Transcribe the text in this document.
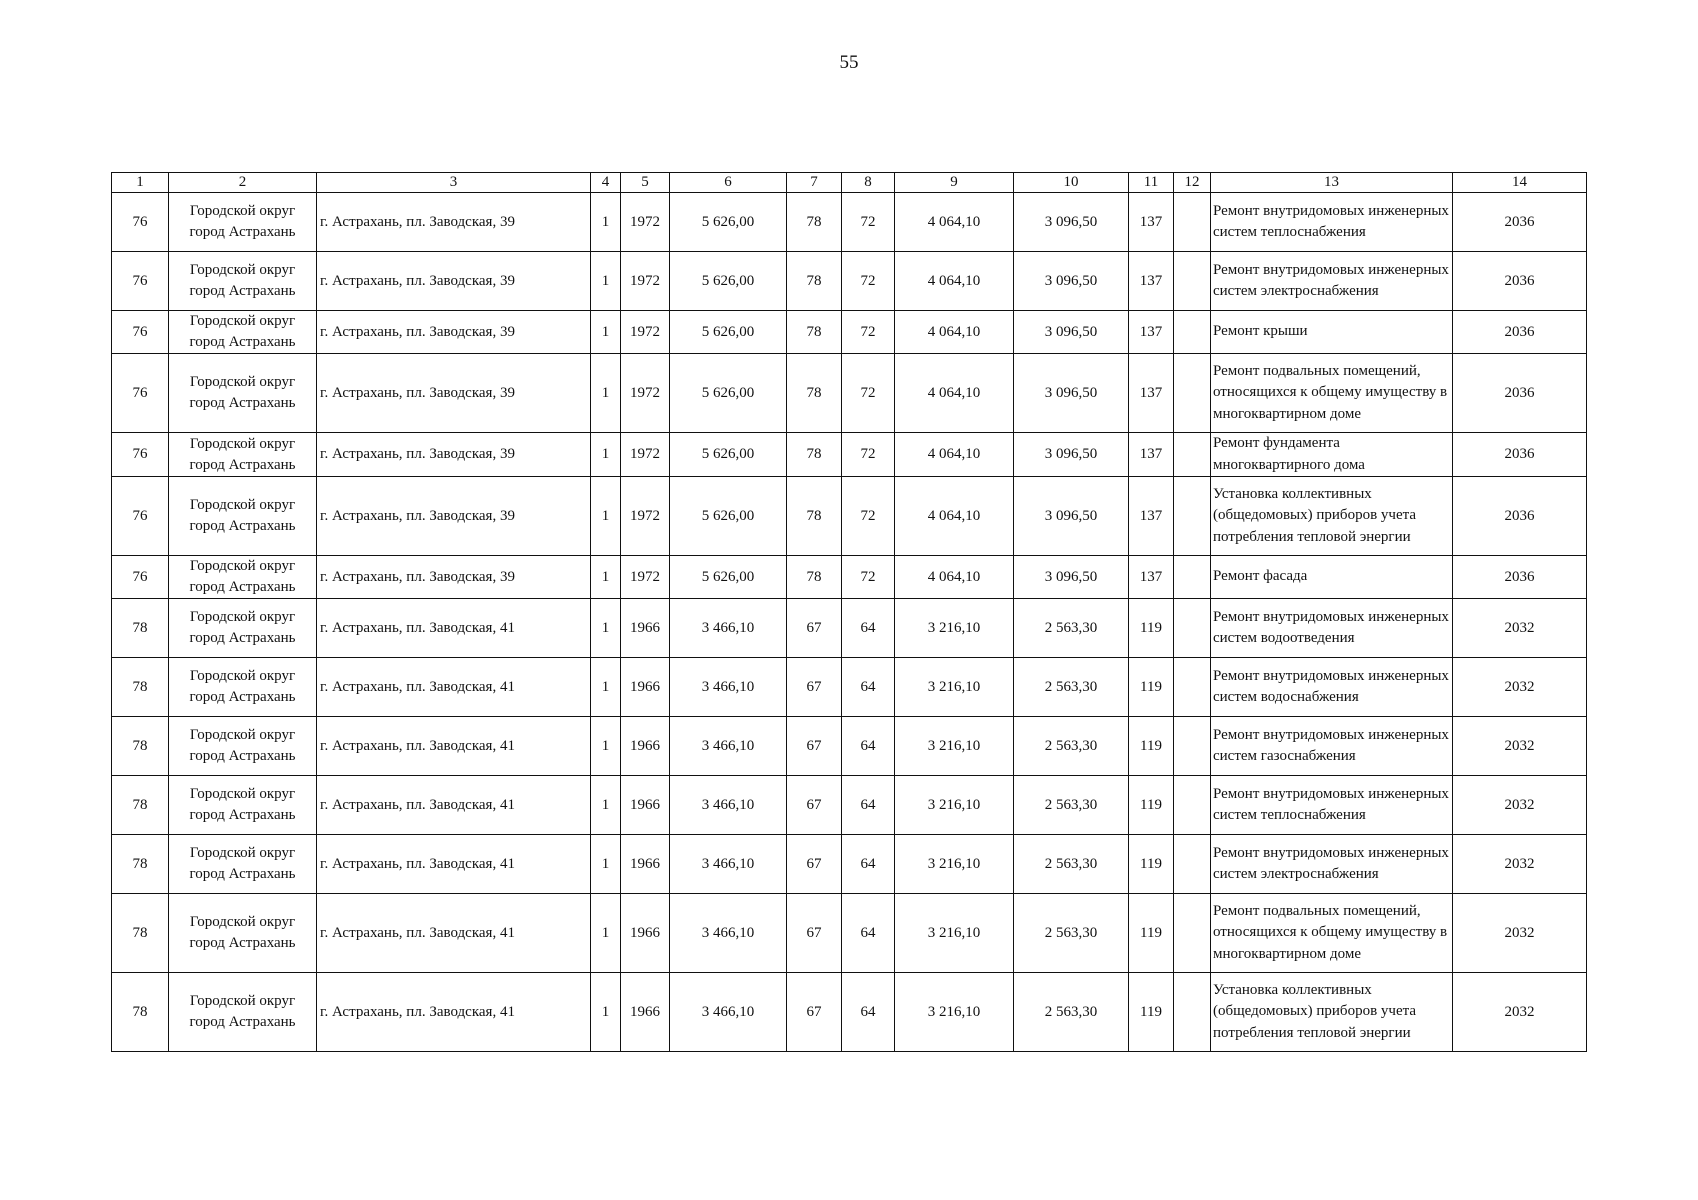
55
1	2	3	4	5	6	7	8	9	10	11	12	13	14
76	Городской округ город Астрахань	г. Астрахань, пл. Заводская, 39	1	1972	5 626,00	78	72	4 064,10	3 096,50	137		Ремонт внутридомовых инженерных систем теплоснабжения	2036
76	Городской округ город Астрахань	г. Астрахань, пл. Заводская, 39	1	1972	5 626,00	78	72	4 064,10	3 096,50	137		Ремонт внутридомовых инженерных систем электроснабжения	2036
76	Городской округ город Астрахань	г. Астрахань, пл. Заводская, 39	1	1972	5 626,00	78	72	4 064,10	3 096,50	137		Ремонт крыши	2036
76	Городской округ город Астрахань	г. Астрахань, пл. Заводская, 39	1	1972	5 626,00	78	72	4 064,10	3 096,50	137		Ремонт подвальных помещений, относящихся к общему имуществу в многоквартирном доме	2036
76	Городской округ город Астрахань	г. Астрахань, пл. Заводская, 39	1	1972	5 626,00	78	72	4 064,10	3 096,50	137		Ремонт фундамента многоквартирного дома	2036
76	Городской округ город Астрахань	г. Астрахань, пл. Заводская, 39	1	1972	5 626,00	78	72	4 064,10	3 096,50	137		Установка коллективных (общедомовых) приборов учета потребления тепловой энергии	2036
76	Городской округ город Астрахань	г. Астрахань, пл. Заводская, 39	1	1972	5 626,00	78	72	4 064,10	3 096,50	137		Ремонт фасада	2036
78	Городской округ город Астрахань	г. Астрахань, пл. Заводская, 41	1	1966	3 466,10	67	64	3 216,10	2 563,30	119		Ремонт внутридомовых инженерных систем водоотведения	2032
78	Городской округ город Астрахань	г. Астрахань, пл. Заводская, 41	1	1966	3 466,10	67	64	3 216,10	2 563,30	119		Ремонт внутридомовых инженерных систем водоснабжения	2032
78	Городской округ город Астрахань	г. Астрахань, пл. Заводская, 41	1	1966	3 466,10	67	64	3 216,10	2 563,30	119		Ремонт внутридомовых инженерных систем газоснабжения	2032
78	Городской округ город Астрахань	г. Астрахань, пл. Заводская, 41	1	1966	3 466,10	67	64	3 216,10	2 563,30	119		Ремонт внутридомовых инженерных систем теплоснабжения	2032
78	Городской округ город Астрахань	г. Астрахань, пл. Заводская, 41	1	1966	3 466,10	67	64	3 216,10	2 563,30	119		Ремонт внутридомовых инженерных систем электроснабжения	2032
78	Городской округ город Астрахань	г. Астрахань, пл. Заводская, 41	1	1966	3 466,10	67	64	3 216,10	2 563,30	119		Ремонт подвальных помещений, относящихся к общему имуществу в многоквартирном доме	2032
78	Городской округ город Астрахань	г. Астрахань, пл. Заводская, 41	1	1966	3 466,10	67	64	3 216,10	2 563,30	119		Установка коллективных (общедомовых) приборов учета потребления тепловой энергии	2032
